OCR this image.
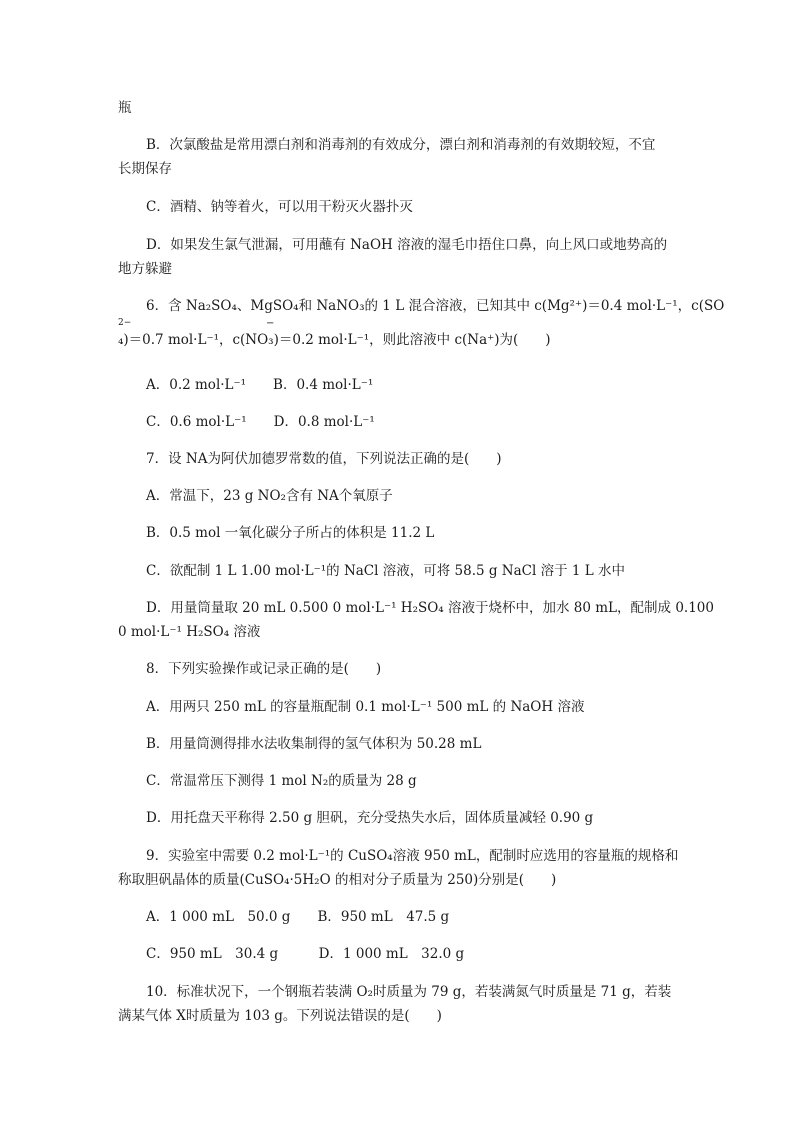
瓶
B．次氯酸盐是常用漂白剂和消毒剂的有效成分，漂白剂和消毒剂的有效期较短，不宜
长期保存
C．酒精、钠等着火，可以用干粉灭火器扑灭
D．如果发生氯气泄漏，可用蘸有 NaOH 溶液的湿毛巾捂住口鼻，向上风口或地势高的
地方躲避
6．含 Na₂SO₄、MgSO₄和 NaNO₃的 1 L 混合溶液，已知其中 c(Mg²⁺)＝0.4 mol·L⁻¹，c(SO
2−	−
₄)＝0.7 mol·L⁻¹，c(NO₃)＝0.2 mol·L⁻¹，则此溶液中 c(Na⁺)为(　　)
A．0.2 mol·L⁻¹　　B．0.4 mol·L⁻¹
C．0.6 mol·L⁻¹　　D．0.8 mol·L⁻¹
7．设 NA为阿伏加德罗常数的值，下列说法正确的是(　　)
A．常温下，23 g NO₂含有 NA个氧原子
B．0.5 mol 一氧化碳分子所占的体积是 11.2 L
C．欲配制 1 L 1.00 mol·L⁻¹的 NaCl 溶液，可将 58.5 g NaCl 溶于 1 L 水中
D．用量筒量取 20 mL 0.500 0 mol·L⁻¹ H₂SO₄ 溶液于烧杯中，加水 80 mL，配制成 0.100
0 mol·L⁻¹ H₂SO₄ 溶液
8．下列实验操作或记录正确的是(　　)
A．用两只 250 mL 的容量瓶配制 0.1 mol·L⁻¹ 500 mL 的 NaOH 溶液
B．用量筒测得排水法收集制得的氢气体积为 50.28 mL
C．常温常压下测得 1 mol N₂的质量为 28 g
D．用托盘天平称得 2.50 g 胆矾，充分受热失水后，固体质量减轻 0.90 g
9．实验室中需要 0.2 mol·L⁻¹的 CuSO₄溶液 950 mL，配制时应选用的容量瓶的规格和
称取胆矾晶体的质量(CuSO₄·5H₂O 的相对分子质量为 250)分别是(　　)
A．1 000 mL　50.0 g　　B．950 mL　47.5 g
C．950 mL　30.4 g　　　D．1 000 mL　32.0 g
10．标准状况下，一个钢瓶若装满 O₂时质量为 79 g，若装满氮气时质量是 71 g，若装
满某气体 X时质量为 103 g。下列说法错误的是(　　)
